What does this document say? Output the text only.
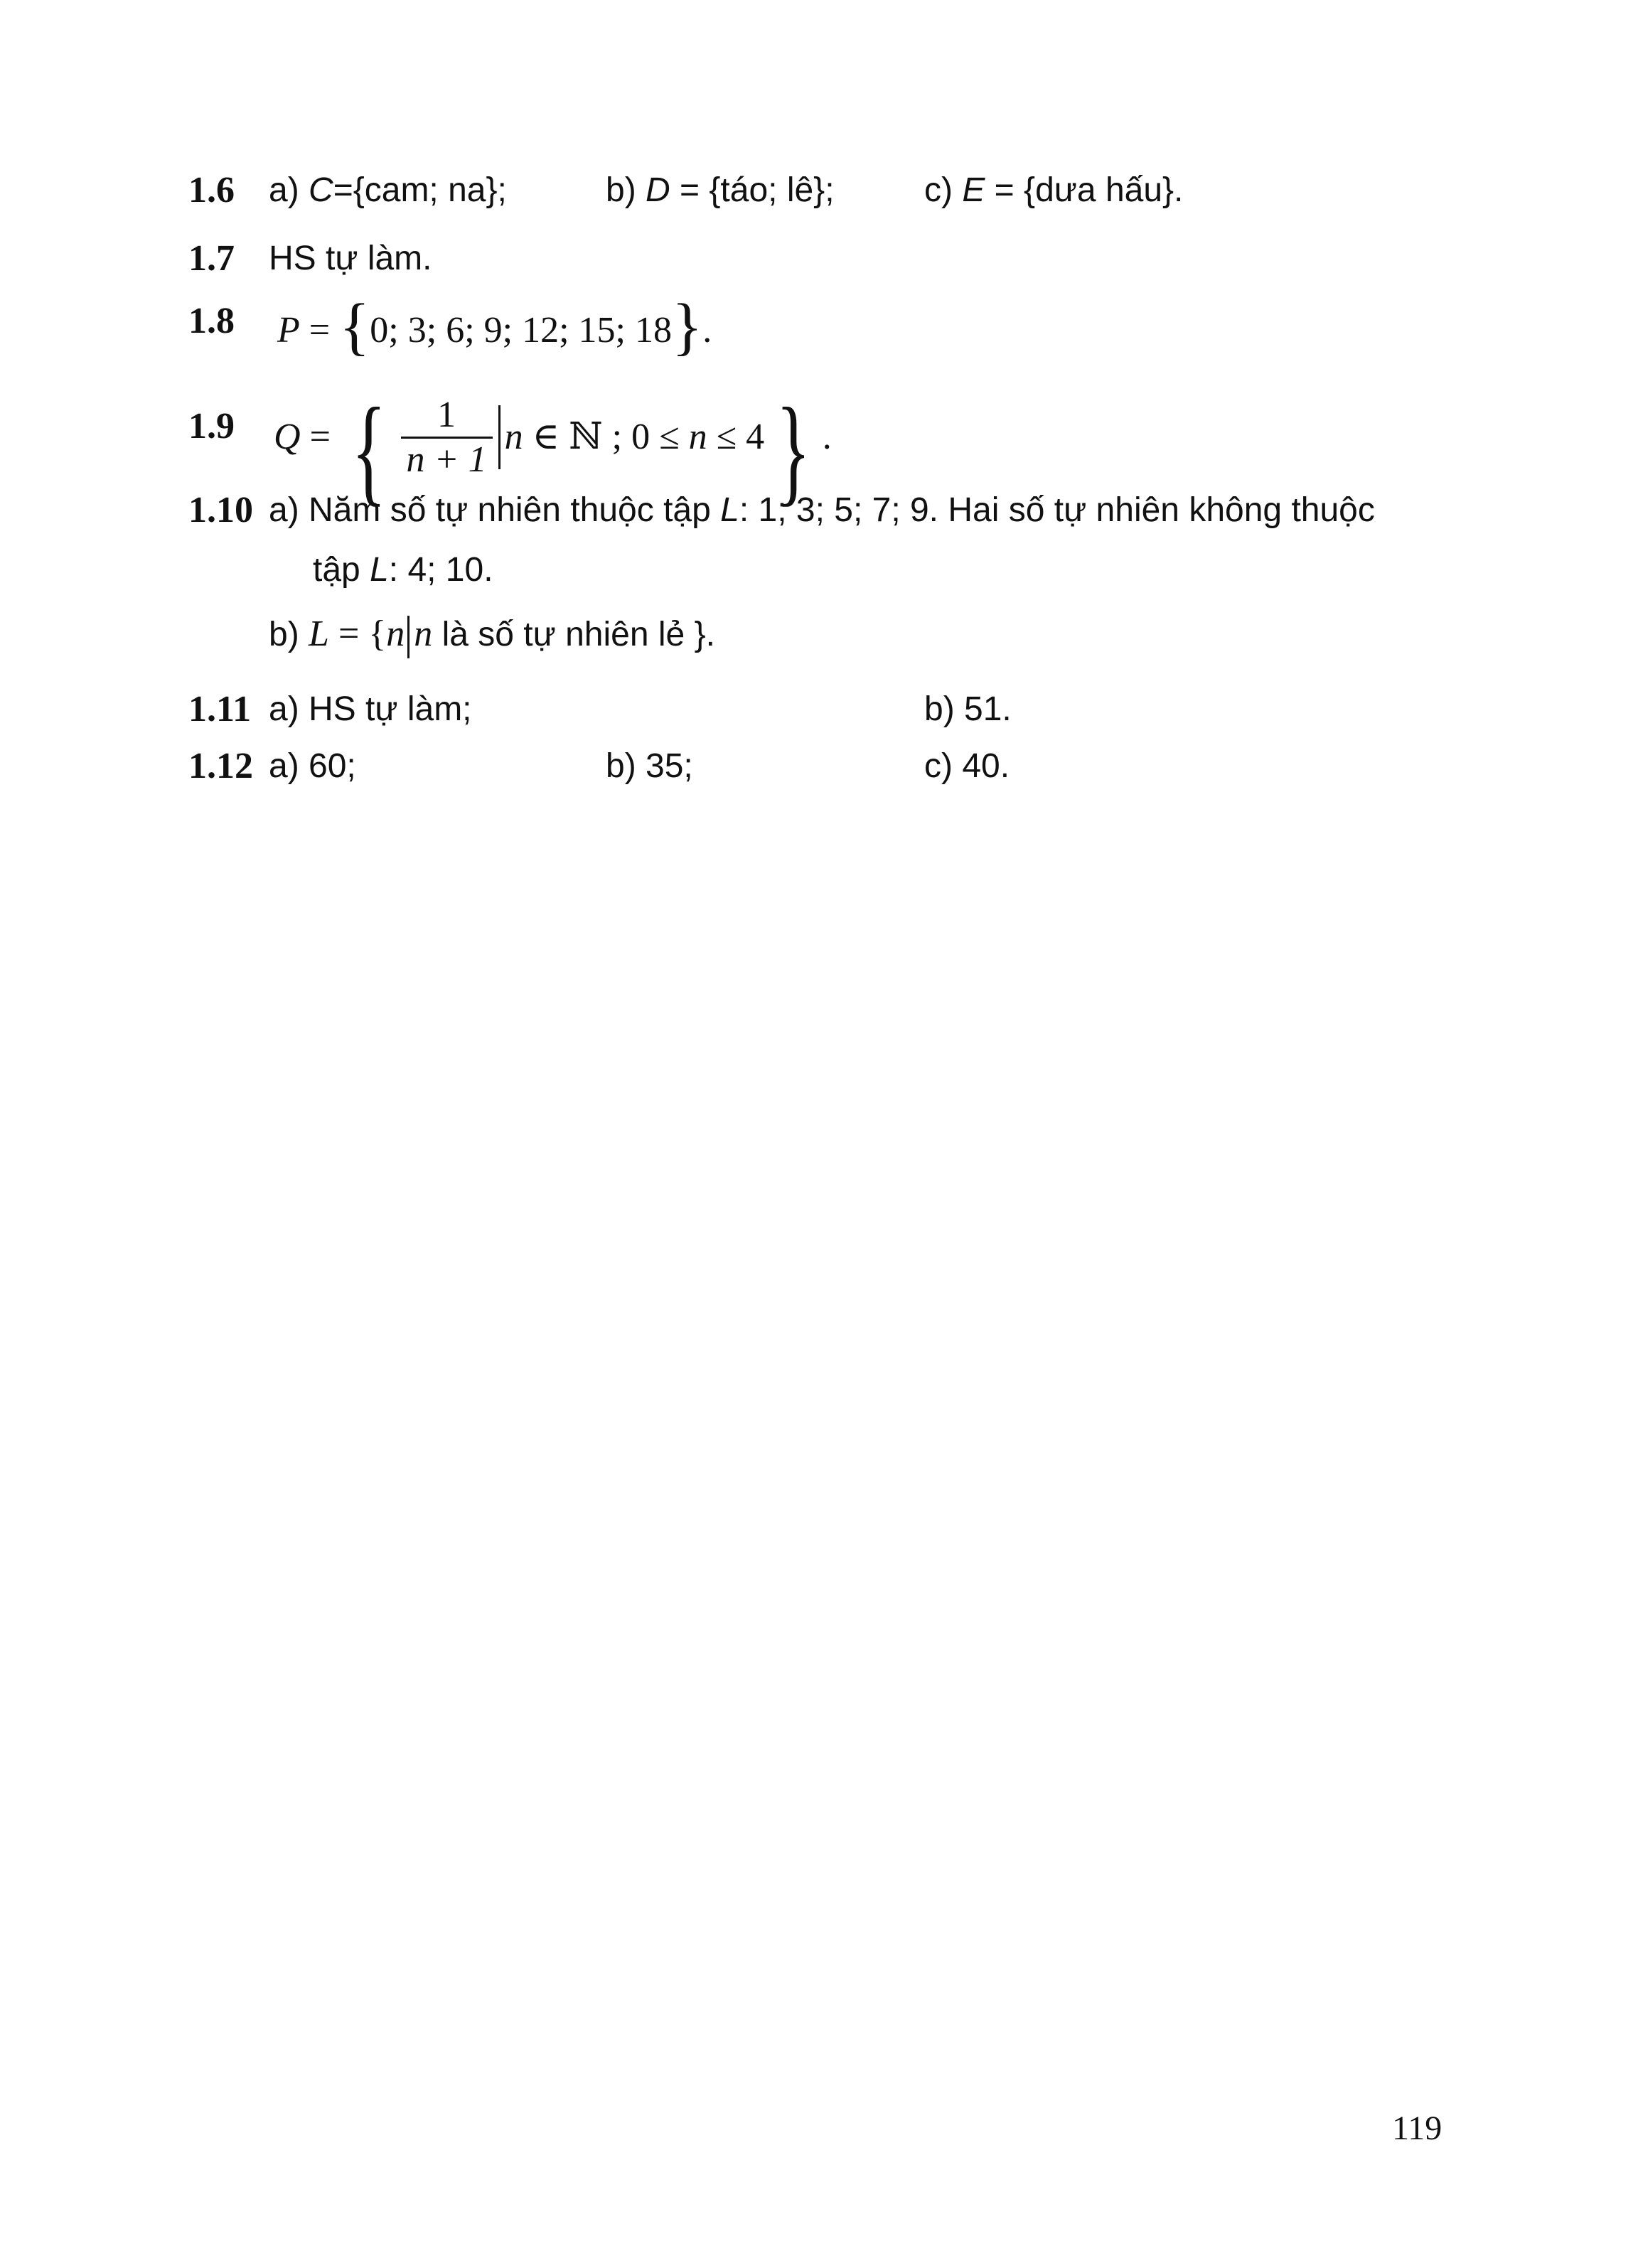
1.6 a) C={cam; na};	b) D = {táo; lê};	c) E = {dưa hấu}.
1.7 HS tự làm.
1.8 P = {0; 3; 6; 9; 12; 15; 18}.
1.9 Q = { $\frac{1}{n + 1}$ n ∈ ℕ ; 0 ≤ n ≤ 4} .
1.10 a) Năm số tự nhiên thuộc tập L: 1; 3; 5; 7; 9. Hai số tự nhiên không thuộc
tập L: 4; 10.
b) L = {n n là số tự nhiên lẻ }.
1.11 a) HS tự làm;	b) 51.
1.12 a) 60;	b) 35;	c) 40.
119
